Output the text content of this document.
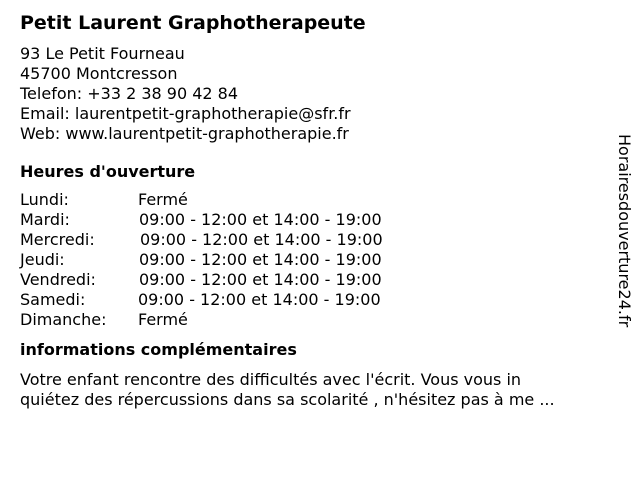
Petit Laurent Graphotherapeute
93 Le Petit Fourneau
45700 Montcresson
Telefon: +33 2 38 90 42 84
Email: laurentpetit-graphotherapie@sfr.fr
Web: www.laurentpetit-graphotherapie.fr
Heures d'ouverture
Lundi:	Fermé
Mardi:	09:00 - 12:00 et 14:00 - 19:00
Mercredi:	09:00 - 12:00 et 14:00 - 19:00
Jeudi:	09:00 - 12:00 et 14:00 - 19:00
Vendredi:	09:00 - 12:00 et 14:00 - 19:00
Samedi:	09:00 - 12:00 et 14:00 - 19:00
Dimanche: Fermé
informations complémentaires
Votre enfant rencontre des difficultés avec l'écrit. Vous vous in
quiétez des répercussions dans sa scolarité , n'hésitez pas à me ...
Horairesdouverture24.fr
